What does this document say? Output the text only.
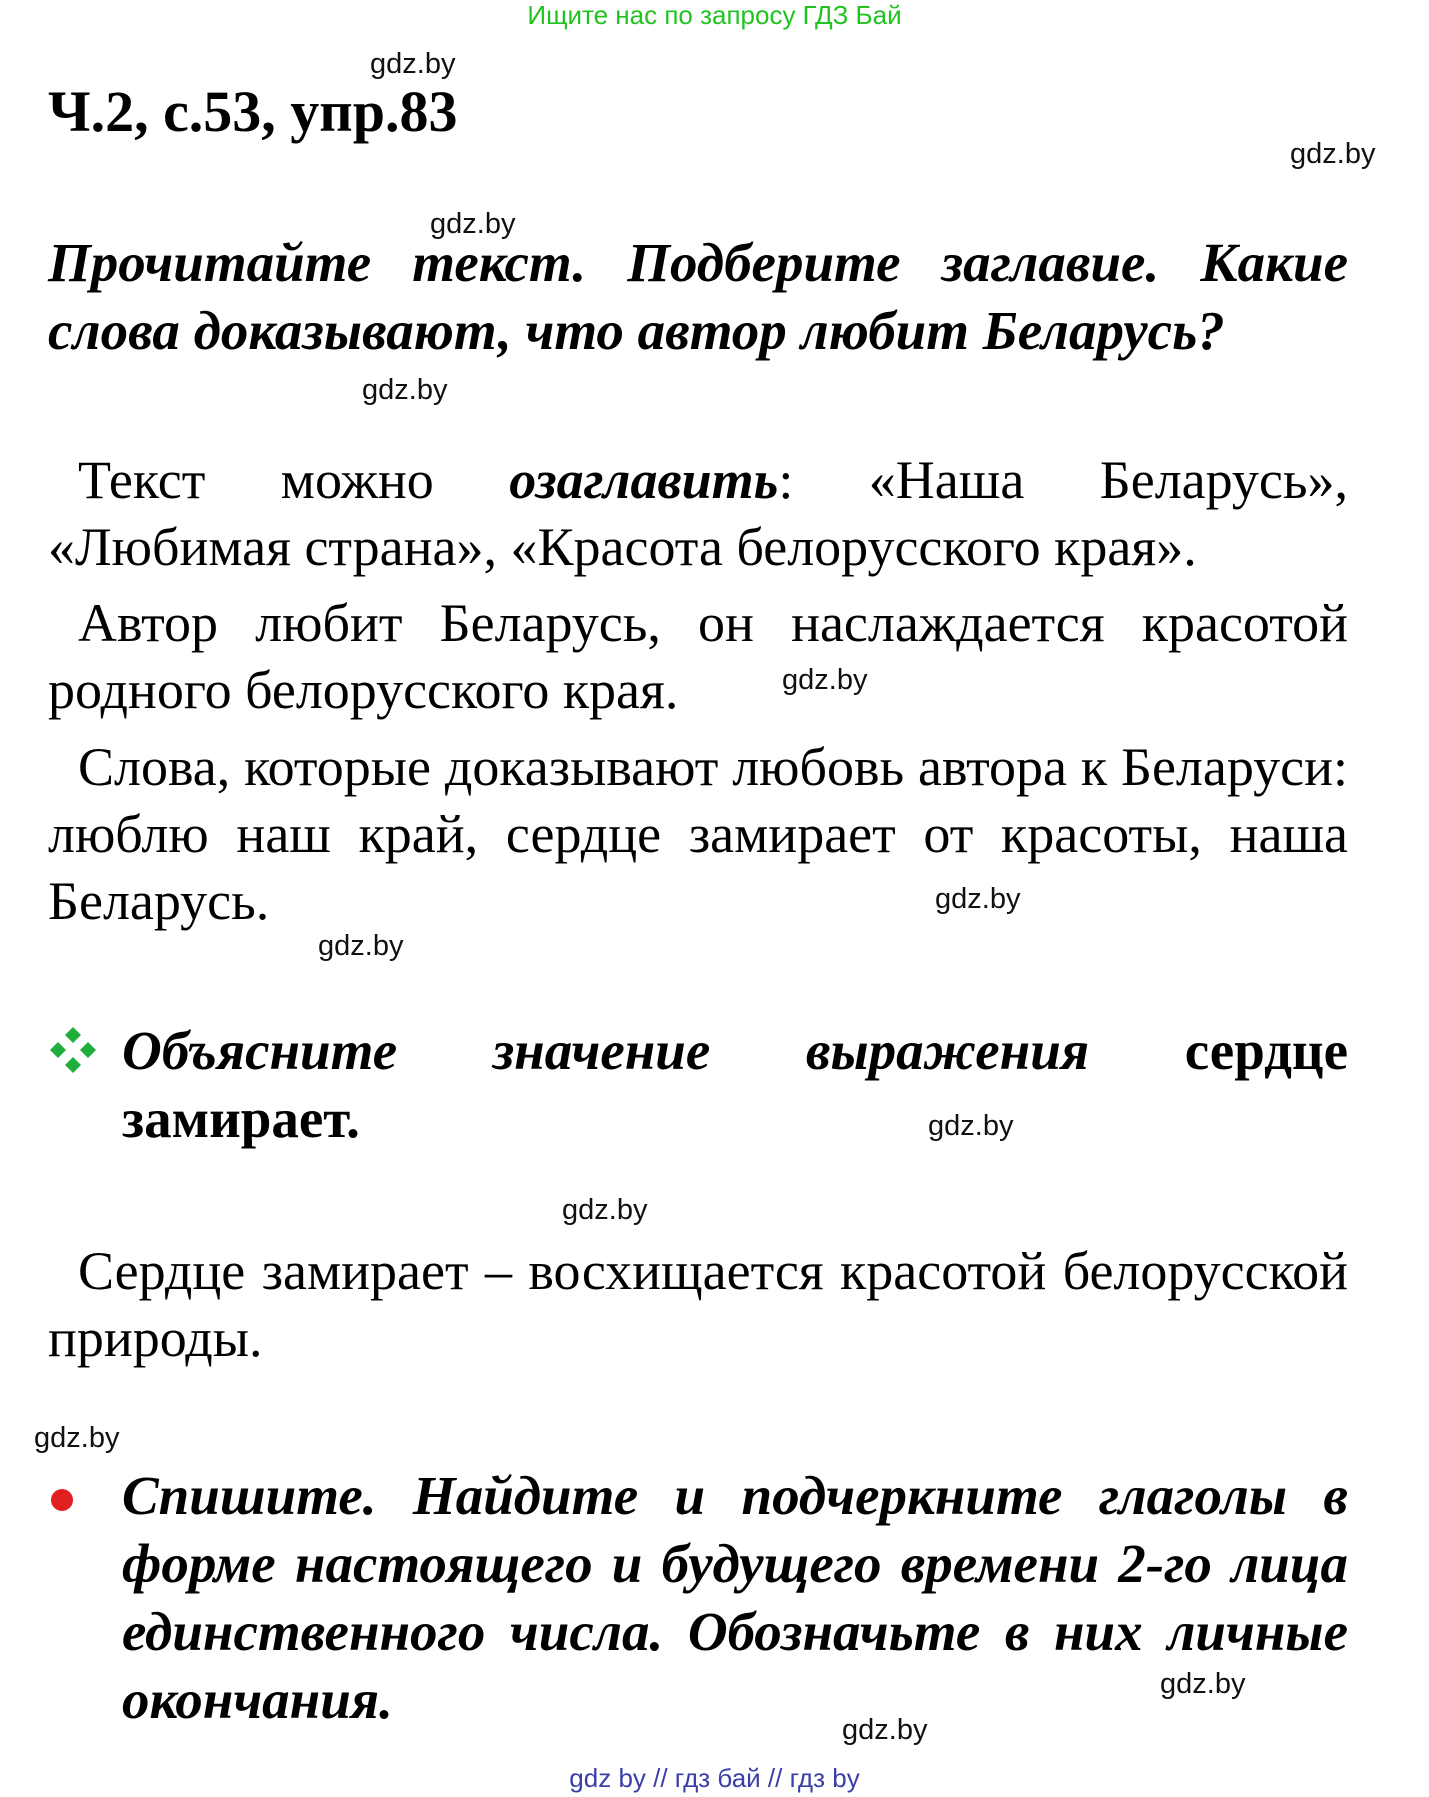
Ищите нас по запросу ГДЗ Бай
gdz.by
gdz.by
gdz.by
gdz.by
gdz.by
gdz.by
gdz.by
gdz.by
gdz.by
gdz.by
gdz.by
gdz.by
Ч.2, с.53, упр.83
Прочитайте текст. Подберите заглавие. Какие слова доказывают, что автор любит Беларусь?
Текст можно озаглавить: «Наша Беларусь», «Любимая страна», «Красота белорусского края».
Автор любит Беларусь, он наслаждается красотой родного белорусского края.
Слова, которые доказывают любовь автора к Беларуси: люблю наш край, сердце замирает от красоты, наша Беларусь.
Объясните значение выражения сердце замирает.
Сердце замирает – восхищается красотой белорусской природы.
Спишите. Найдите и подчеркните глаголы в форме настоящего и будущего времени 2-го лица единственного числа. Обозначьте в них личные окончания.
gdz by // гдз бай // гдз by
